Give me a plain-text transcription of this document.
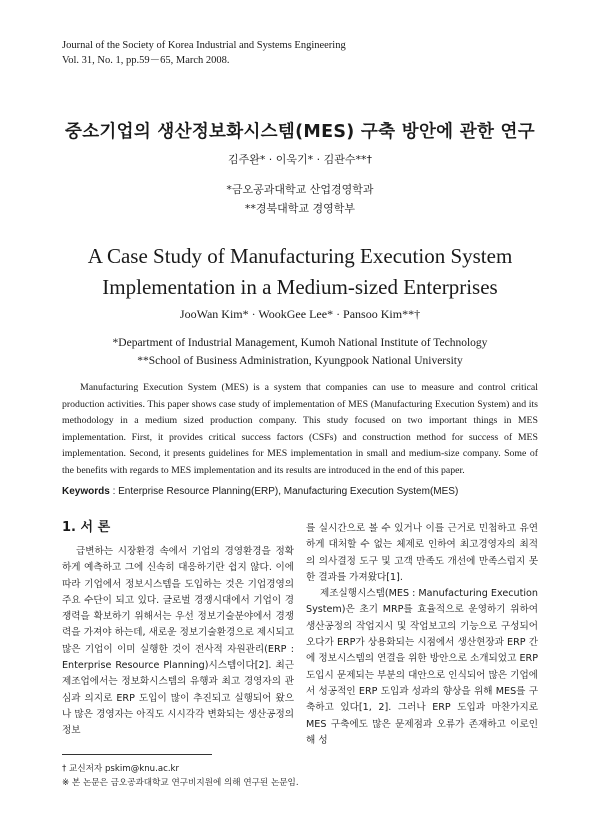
Journal of the Society of Korea Industrial and Systems Engineering
Vol. 31, No. 1, pp.59－65, March 2008.
중소기업의 생산정보화시스템(MES) 구축 방안에 관한 연구
김주완* · 이욱기* · 김관수**†
*금오공과대학교 산업경영학과
**경북대학교 경영학부
A Case Study of Manufacturing Execution System
Implementation in a Medium-sized Enterprises
JooWan Kim* · WookGee Lee* · Pansoo Kim**†
*Department of Industrial Management, Kumoh National Institute of Technology
**School of Business Administration, Kyungpook National University

Manufacturing Execution System (MES) is a system that companies can use to measure and control critical production activities. This paper shows case study of implementation of MES (Manufacturing Execution System) and its methodology in a medium sized production company. This study focused on two important things in MES implementation. First, it provides critical success factors (CSFs) and construction method for success of MES implementation. Second, it presents guidelines for MES implementation in small and medium-size company. Some of the benefits with regards to MES implementation and its results are introduced in the end of this paper.

Keywords : Enterprise Resource Planning(ERP), Manufacturing Execution System(MES)
1. 서 론

급변하는 시장환경 속에서 기업의 경영환경을 정확하게 예측하고 그에 신속히 대응하기란 쉽지 않다. 이에 따라 기업에서 정보시스템을 도입하는 것은 기업경영의 주요 수단이 되고 있다. 글로벌 경쟁시대에서 기업이 경쟁력을 확보하기 위해서는 우선 정보기술분야에서 경쟁력을 가져야 하는데, 새로운 정보기술환경으로 제시되고 많은 기업이 이미 실행한 것이 전사적 자원관리(ERP : Enterprise Resource Planning)시스템이다[2]. 최근 제조업에서는 정보화시스템의 유행과 최고 경영자의 관심과 의지로 ERP 도입이 많이 추진되고 실행되어 왔으나 많은 경영자는 아직도 시시각각 변화되는 생산공정의 정보

를 실시간으로 볼 수 있거나 이를 근거로 민첩하고 유연하게 대처할 수 없는 체제로 인하여 최고경영자의 최적의 의사결정 도구 및 고객 만족도 개선에 만족스럽지 못한 결과를 가져왔다[1].

제조실행시스템(MES : Manufacturing Execution System)은 초기 MRP를 효율적으로 운영하기 위하여 생산공정의 작업지시 및 작업보고의 기능으로 구성되어 오다가 ERP가 상용화되는 시점에서 생산현장과 ERP 간에 정보시스템의 연결을 위한 방안으로 소개되었고 ERP 도입시 문제되는 부분의 대안으로 인식되어 많은 기업에서 성공적인 ERP 도입과 성과의 향상을 위해 MES를 구축하고 있다[1, 2]. 그러나 ERP 도입과 마찬가지로 MES 구축에도 많은 문제점과 오류가 존재하고 이로인해 성

† 교신저자 pskim@knu.ac.kr
※ 본 논문은 금오공과대학교 연구비지원에 의해 연구된 논문임.
